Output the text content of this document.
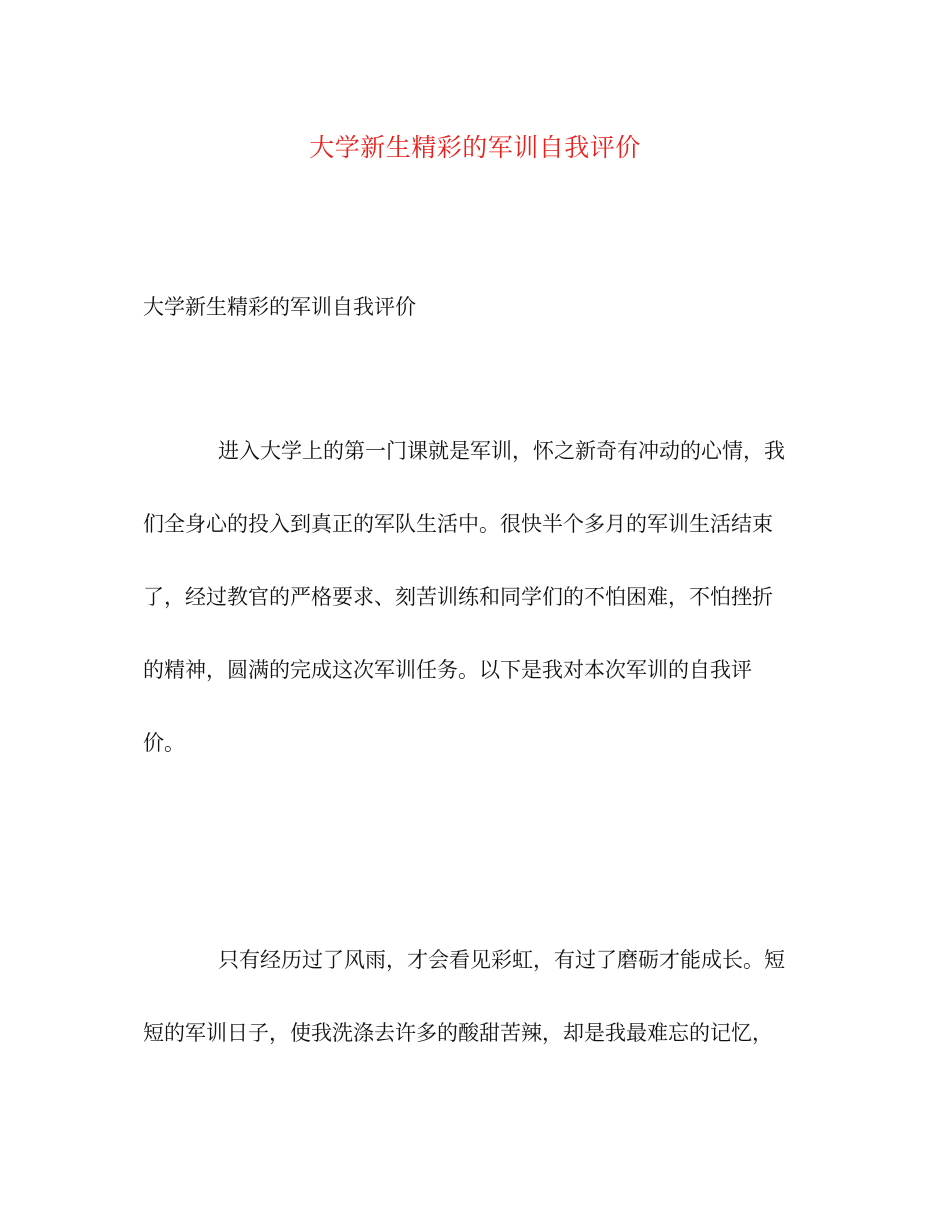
大学新生精彩的军训自我评价
大学新生精彩的军训自我评价
进入大学上的第一门课就是军训，怀之新奇有冲动的心情，我
们全身心的投入到真正的军队生活中。很快半个多月的军训生活结束
了，经过教官的严格要求、刻苦训练和同学们的不怕困难，不怕挫折
的精神，圆满的完成这次军训任务。以下是我对本次军训的自我评
价。
只有经历过了风雨，才会看见彩虹，有过了磨砺才能成长。短
短的军训日子，使我洗涤去许多的酸甜苦辣，却是我最难忘的记忆，
